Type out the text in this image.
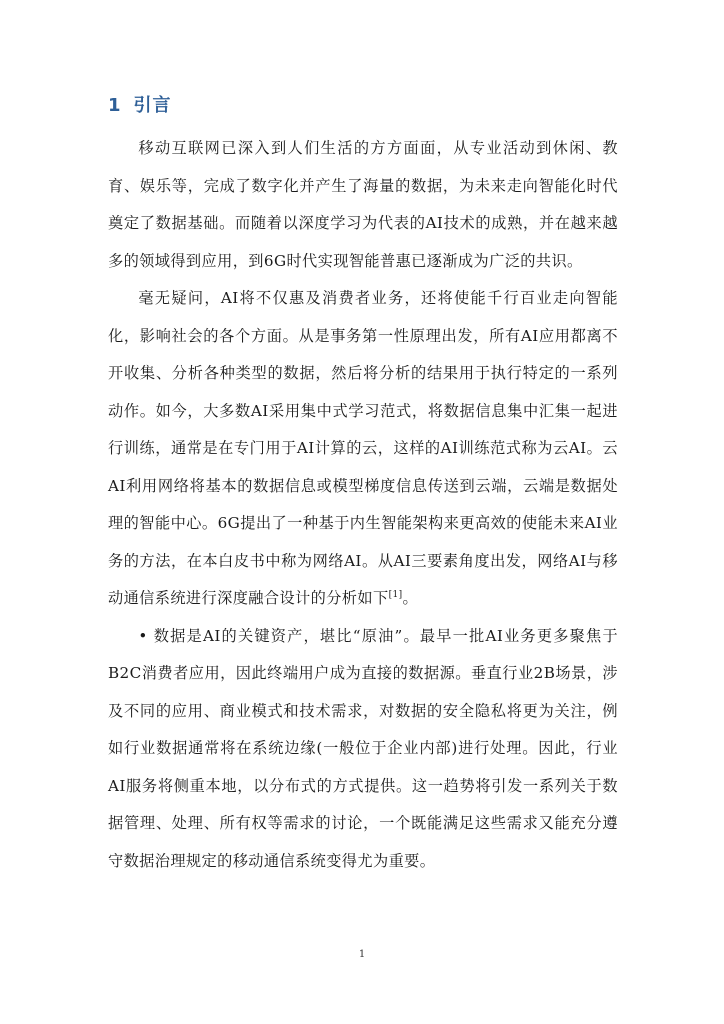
1 引言

移动互联网已深入到人们生活的方方面面，从专业活动到休闲、教育、娱乐等，完成了数字化并产生了海量的数据，为未来走向智能化时代奠定了数据基础。而随着以深度学习为代表的AI技术的成熟，并在越来越多的领域得到应用，到6G时代实现智能普惠已逐渐成为广泛的共识。

毫无疑问，AI将不仅惠及消费者业务，还将使能千行百业走向智能化，影响社会的各个方面。从是事务第一性原理出发，所有AI应用都离不开收集、分析各种类型的数据，然后将分析的结果用于执行特定的一系列动作。如今，大多数AI采用集中式学习范式，将数据信息集中汇集一起进行训练，通常是在专门用于AI计算的云，这样的AI训练范式称为云AI。云AI利用网络将基本的数据信息或模型梯度信息传送到云端，云端是数据处理的智能中心。6G提出了一种基于内生智能架构来更高效的使能未来AI业务的方法，在本白皮书中称为网络AI。从AI三要素角度出发，网络AI与移动通信系统进行深度融合设计的分析如下[1]。

• 数据是AI的关键资产，堪比“原油”。最早一批AI业务更多聚焦于B2C消费者应用，因此终端用户成为直接的数据源。垂直行业2B场景，涉及不同的应用、商业模式和技术需求，对数据的安全隐私将更为关注，例如行业数据通常将在系统边缘(一般位于企业内部)进行处理。因此，行业AI服务将侧重本地，以分布式的方式提供。这一趋势将引发一系列关于数据管理、处理、所有权等需求的讨论，一个既能满足这些需求又能充分遵守数据治理规定的移动通信系统变得尤为重要。

1
